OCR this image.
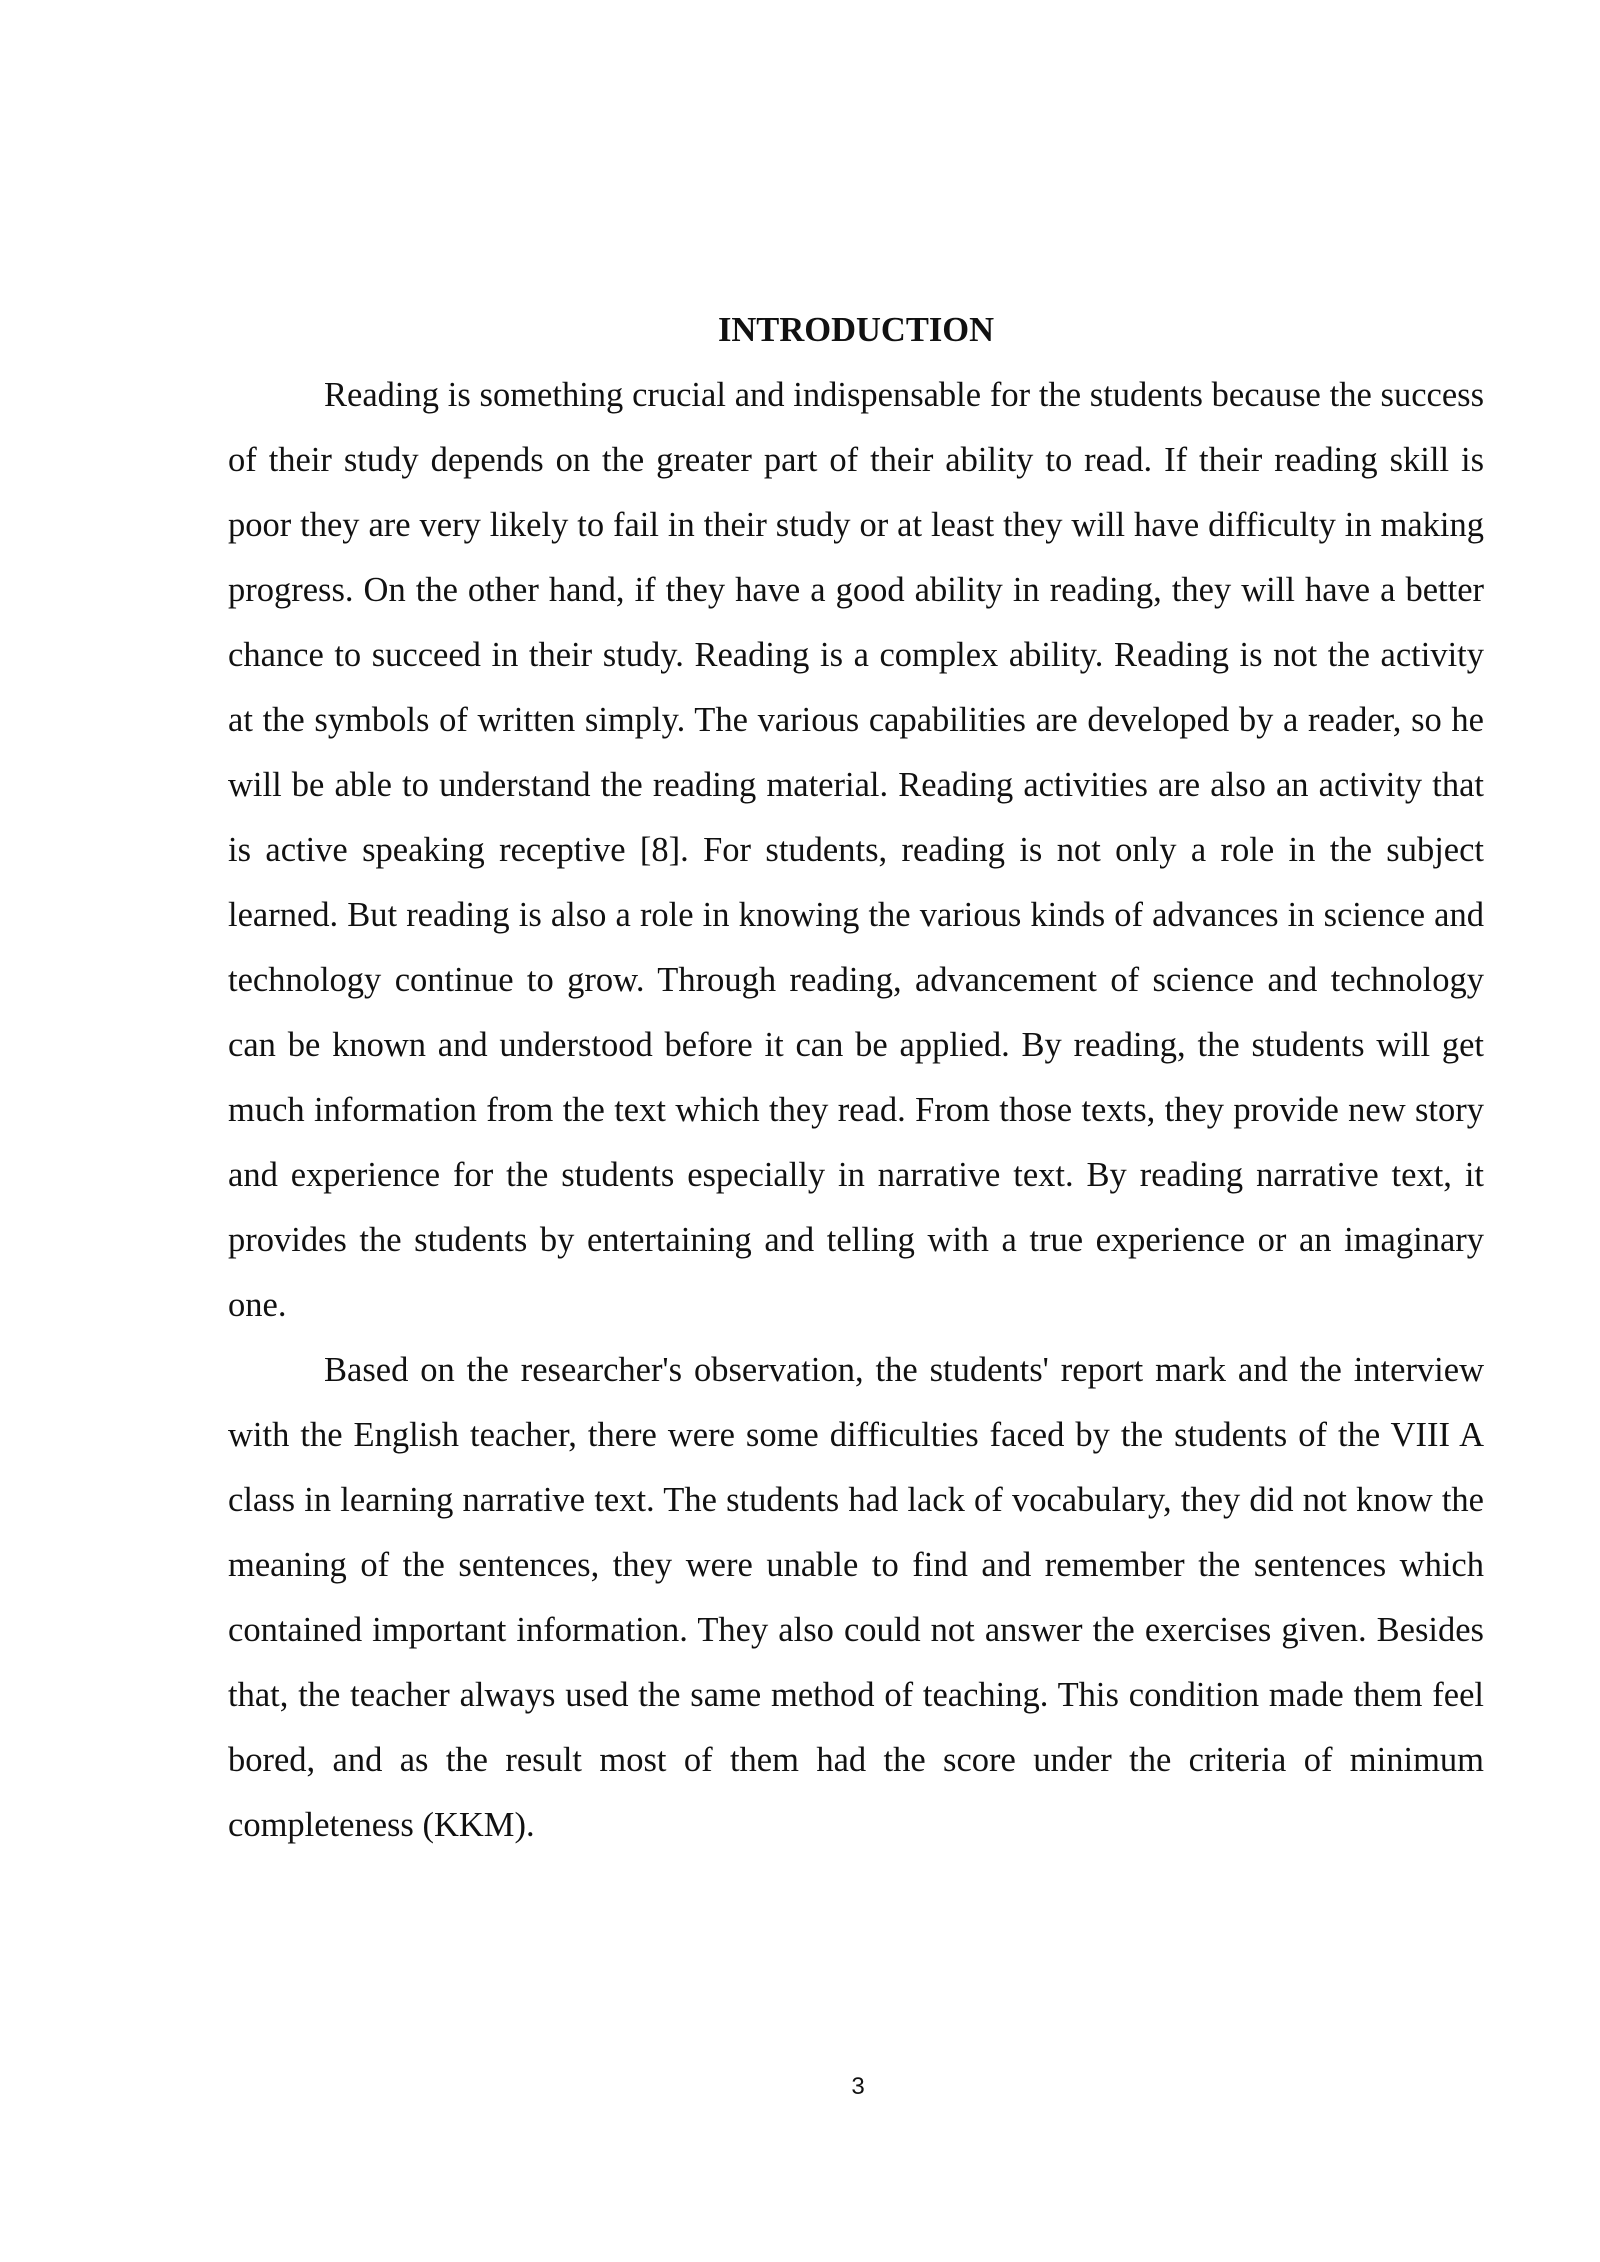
INTRODUCTION

Reading is something crucial and indispensable for the students because the success of their study depends on the greater part of their ability to read. If their reading skill is poor they are very likely to fail in their study or at least they will have difficulty in making progress. On the other hand, if they have a good ability in reading, they will have a better chance to succeed in their study. Reading is a complex ability. Reading is not the activity at the symbols of written simply. The various capabilities are developed by a reader, so he will be able to understand the reading material. Reading activities are also an activity that is active speaking receptive [8]. For students, reading is not only a role in the subject learned. But reading is also a role in knowing the various kinds of advances in science and technology continue to grow. Through reading, advancement of science and technology can be known and understood before it can be applied. By reading, the students will get much information from the text which they read. From those texts, they provide new story and experience for the students especially in narrative text. By reading narrative text, it provides the students by entertaining and telling with a true experience or an imaginary one.

Based on the researcher's observation, the students' report mark and the interview with the English teacher, there were some difficulties faced by the students of the VIII A class in learning narrative text. The students had lack of vocabulary, they did not know the meaning of the sentences, they were unable to find and remember the sentences which contained important information. They also could not answer the exercises given. Besides that, the teacher always used the same method of teaching. This condition made them feel bored, and as the result most of them had the score under the criteria of minimum completeness (KKM).

3
